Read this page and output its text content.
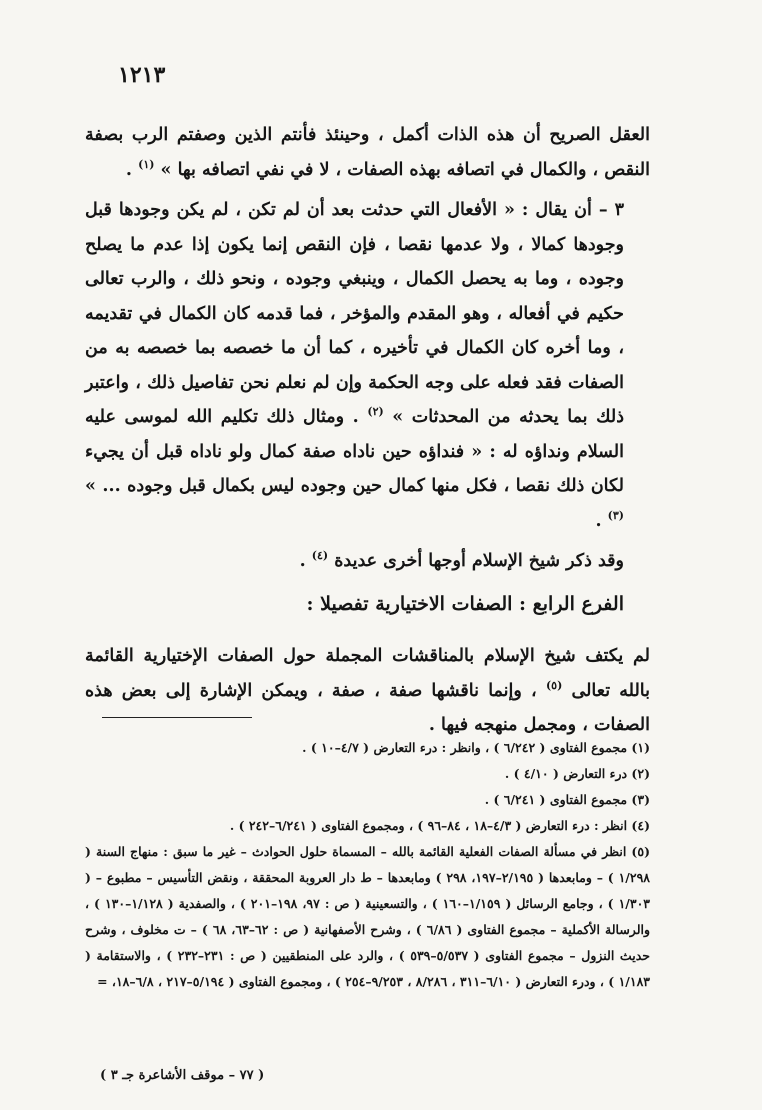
١٢١٣

العقل الصريح أن هذه الذات أكمل ، وحينئذ فأنتم الذين وصفتم الرب بصفة النقص ، والكمال في اتصافه بهذه الصفات ، لا في نفي اتصافه بها » $^{(١)}$ .

٣ – أن يقال : « الأفعال التي حدثت بعد أن لم تكن ، لم يكن وجودها قبل وجودها كمالا ، ولا عدمها نقصا ، فإن النقص إنما يكون إذا عدم ما يصلح وجوده ، وما به يحصل الكمال ، وينبغي وجوده ، ونحو ذلك ، والرب تعالى حكيم في أفعاله ، وهو المقدم والمؤخر ، فما قدمه كان الكمال في تقديمه ، وما أخره كان الكمال في تأخيره ، كما أن ما خصصه بما خصصه به من الصفات فقد فعله على وجه الحكمة وإن لم نعلم نحن تفاصيل ذلك ، واعتبر ذلك بما يحدثه من المحدثات » $^{(٢)}$ . ومثال ذلك تكليم الله لموسى عليه السلام ونداؤه له : « فنداؤه حين ناداه صفة كمال ولو ناداه قبل أن يجيء لكان ذلك نقصا ، فكل منها كمال حين وجوده ليس بكمال قبل وجوده ... » $^{(٣)}$ .

وقد ذكر شيخ الإسلام أوجها أخرى عديدة $^{(٤)}$ .

الفرع الرابع : الصفات الاختيارية تفصيلا :

لم يكتف شيخ الإسلام بالمناقشات المجملة حول الصفات الإختيارية القائمة بالله تعالى $^{(٥)}$ ، وإنما ناقشها صفة ، صفة ، ويمكن الإشارة إلى بعض هذه الصفات ، ومجمل منهجه فيها .

(١) مجموع الفتاوى ( ٦/٢٤٢ ) ، وانظر : درء التعارض ( ٤/٧–١٠ ) .

(٢) درء التعارض ( ٤/١٠ ) .

(٣) مجموع الفتاوى ( ٦/٢٤١ ) .

(٤) انظر : درء التعارض ( ٤/٣–١٨ ، ٨٤–٩٦ ) ، ومجموع الفتاوى ( ٦/٢٤١–٢٤٢ ) .

(٥) انظر في مسألة الصفات الفعلية القائمة بالله – المسماة حلول الحوادث – غير ما سبق : منهاج السنة ( ١/٢٩٨ ) – ومابعدها ( ٢/١٩٥–١٩٧، ٢٩٨ ) ومابعدها – ط دار العروبة المحققة ، ونقض التأسيس – مطبوع – ( ١/٣٠٣ ) ، وجامع الرسائل ( ١/١٥٩–١٦٠ ) ، والتسعينية ( ص : ٩٧، ١٩٨–٢٠١ ) ، والصفدية ( ١/١٢٨–١٣٠ ) ، والرسالة الأكملية – مجموع الفتاوى ( ٦/٨٦ ) ، وشرح الأصفهانية ( ص : ٦٢–٦٣، ٦٨ ) – ت مخلوف ، وشرح حديث النزول – مجموع الفتاوى ( ٥/٥٣٧–٥٣٩ ) ، والرد على المنطقيين ( ص : ٢٣١–٢٣٢ ) ، والاستقامة ( ١/١٨٣ ) ، ودرء التعارض ( ٦/١٠–٣١١ ، ٨/٢٨٦ ، ٩/٢٥٣–٢٥٤ ) ، ومجموع الفتاوى ( ٥/١٩٤–٢١٧ ، ٦/٨–١٨، =

( ٧٧ – موقف الأشاعرة جـ ٣ )
